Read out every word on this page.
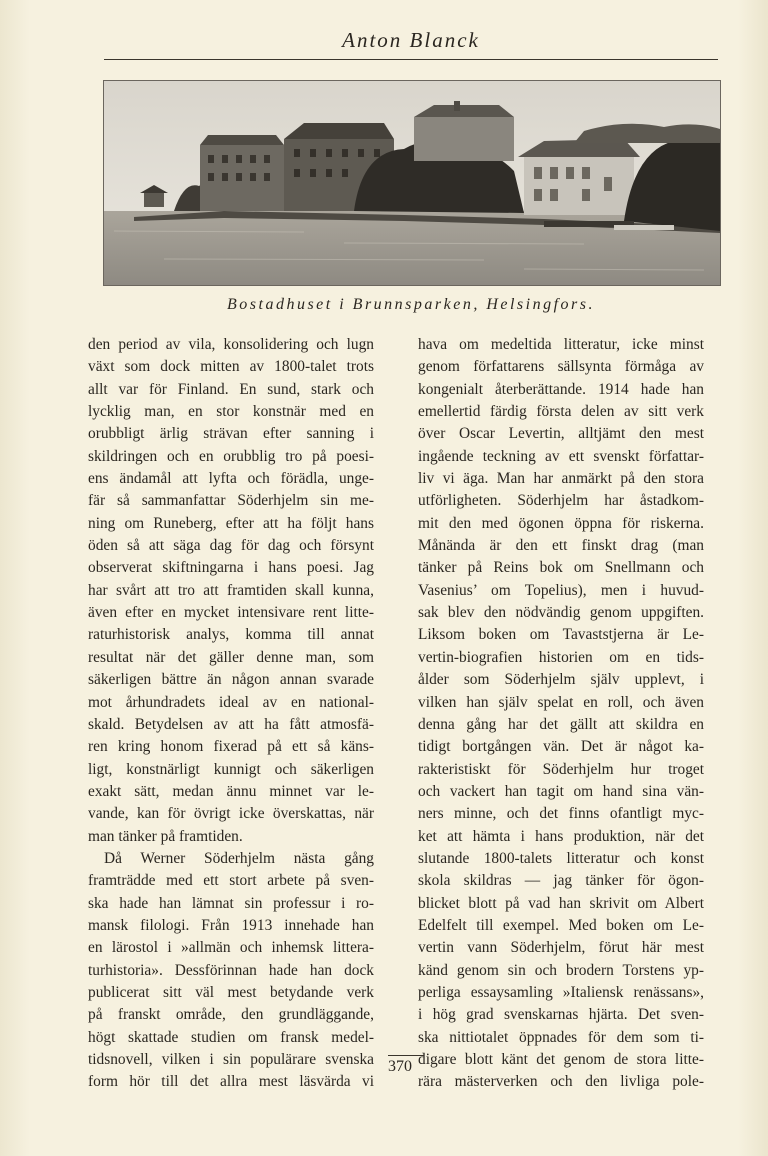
Anton Blanck
Bostadhuset i Brunnsparken, Helsingfors.
den period av vila, konsolidering och lugn
växt som dock mitten av 1800-talet trots
allt var för Finland. En sund, stark och
lycklig man, en stor konstnär med en
orubbligt ärlig strävan efter sanning i
skildringen och en orubblig tro på poesi-
ens ändamål att lyfta och förädla, unge-
fär så sammanfattar Söderhjelm sin me-
ning om Runeberg, efter att ha följt hans
öden så att säga dag för dag och försynt
observerat skiftningarna i hans poesi. Jag
har svårt att tro att framtiden skall kunna,
även efter en mycket intensivare rent litte-
raturhistorisk analys, komma till annat
resultat när det gäller denne man, som
säkerligen bättre än någon annan svarade
mot århundradets ideal av en national-
skald. Betydelsen av att ha fått atmosfä-
ren kring honom fixerad på ett så käns-
ligt, konstnärligt kunnigt och säkerligen
exakt sätt, medan ännu minnet var le-
vande, kan för övrigt icke överskattas, när
man tänker på framtiden.
Då Werner Söderhjelm nästa gång
framträdde med ett stort arbete på sven-
ska hade han lämnat sin professur i ro-
mansk filologi. Från 1913 innehade han
en lärostol i »allmän och inhemsk littera-
turhistoria». Dessförinnan hade han dock
publicerat sitt väl mest betydande verk
på franskt område, den grundläggande,
högt skattade studien om fransk medel-
tidsnovell, vilken i sin populärare svenska
form hör till det allra mest läsvärda vi
hava om medeltida litteratur, icke minst
genom författarens sällsynta förmåga av
kongenialt återberättande. 1914 hade han
emellertid färdig första delen av sitt verk
över Oscar Levertin, alltjämt den mest
ingående teckning av ett svenskt författar-
liv vi äga. Man har anmärkt på den stora
utförligheten. Söderhjelm har åstadkom-
mit den med ögonen öppna för riskerna.
Månända är den ett finskt drag (man
tänker på Reins bok om Snellmann och
Vasenius’ om Topelius), men i huvud-
sak blev den nödvändig genom uppgiften.
Liksom boken om Tavaststjerna är Le-
vertin-biografien historien om en tids-
ålder som Söderhjelm själv upplevt, i
vilken han själv spelat en roll, och även
denna gång har det gällt att skildra en
tidigt bortgången vän. Det är något ka-
rakteristiskt för Söderhjelm hur troget
och vackert han tagit om hand sina vän-
ners minne, och det finns ofantligt myc-
ket att hämta i hans produktion, när det
slutande 1800-talets litteratur och konst
skola skildras — jag tänker för ögon-
blicket blott på vad han skrivit om Albert
Edelfelt till exempel. Med boken om Le-
vertin vann Söderhjelm, förut här mest
känd genom sin och brodern Torstens yp-
perliga essaysamling »Italiensk renässans»,
i hög grad svenskarnas hjärta. Det sven-
ska nittiotalet öppnades för dem som ti-
digare blott känt det genom de stora litte-
rära mästerverken och den livliga pole-
370
